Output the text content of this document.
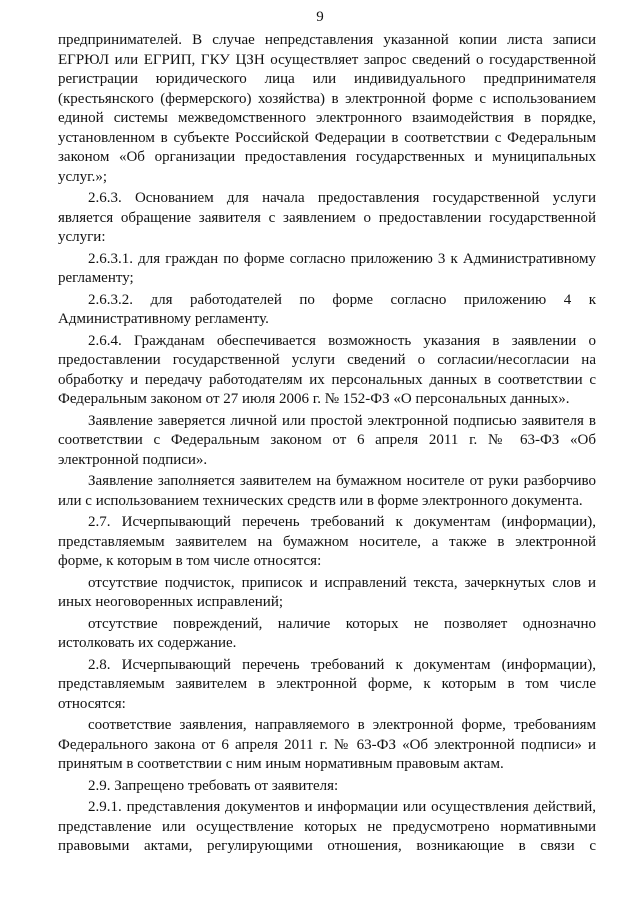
9
предпринимателей. В случае непредставления указанной копии листа записи
ЕГРЮЛ или ЕГРИП, ГКУ ЦЗН осуществляет запрос сведений о государственной
регистрации юридического лица или индивидуального предпринимателя
(крестьянского (фермерского) хозяйства) в электронной форме с использованием
единой системы межведомственного электронного взаимодействия в порядке,
установленном в субъекте Российской Федерации в соответствии с Федеральным
законом «Об организации предоставления государственных и муниципальных
услуг.»;
2.6.3. Основанием для начала предоставления государственной услуги
является обращение заявителя с заявлением о предоставлении государственной
услуги:
2.6.3.1. для граждан по форме согласно приложению 3 к Административному
регламенту;
2.6.3.2. для работодателей по форме согласно приложению 4 к
Административному регламенту.
2.6.4. Гражданам обеспечивается возможность указания в заявлении о
предоставлении государственной услуги сведений о согласии/несогласии на
обработку и передачу работодателям их персональных данных в соответствии с
Федеральным законом от 27 июля 2006 г. № 152-ФЗ «О персональных данных».
Заявление заверяется личной или простой электронной подписью заявителя в
соответствии с Федеральным законом от 6 апреля 2011 г. № 63-ФЗ «Об
электронной подписи».
Заявление заполняется заявителем на бумажном носителе от руки разборчиво
или с использованием технических средств или в форме электронного документа.
2.7. Исчерпывающий перечень требований к документам (информации),
представляемым заявителем на бумажном носителе, а также в электронной
форме, к которым в том числе относятся:
отсутствие подчисток, приписок и исправлений текста, зачеркнутых слов и
иных неоговоренных исправлений;
отсутствие повреждений, наличие которых не позволяет однозначно
истолковать их содержание.
2.8. Исчерпывающий перечень требований к документам (информации),
представляемым заявителем в электронной форме, к которым в том числе
относятся:
соответствие заявления, направляемого в электронной форме, требованиям
Федерального закона от 6 апреля 2011 г. № 63-ФЗ «Об электронной подписи» и
принятым в соответствии с ним иным нормативным правовым актам.
2.9. Запрещено требовать от заявителя:
2.9.1. представления документов и информации или осуществления действий,
представление или осуществление которых не предусмотрено нормативными
правовыми актами, регулирующими отношения, возникающие в связи с
